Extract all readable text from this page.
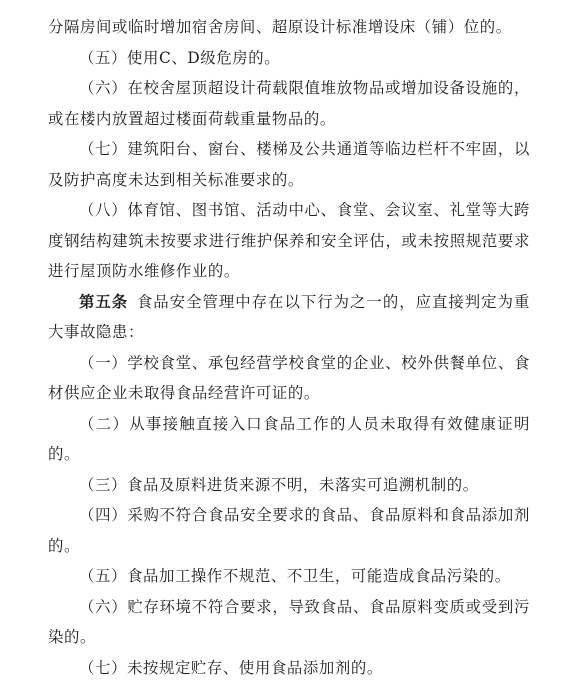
分隔房间或临时增加宿舍房间、超原设计标准增设床（铺）位的。

（五）使用C、D级危房的。

（六）在校舍屋顶超设计荷载限值堆放物品或增加设备设施的，或在楼内放置超过楼面荷载重量物品的。

（七）建筑阳台、窗台、楼梯及公共通道等临边栏杆不牢固，以及防护高度未达到相关标准要求的。

（八）体育馆、图书馆、活动中心、食堂、会议室、礼堂等大跨度钢结构建筑未按要求进行维护保养和安全评估，或未按照规范要求进行屋顶防水维修作业的。

第五条  食品安全管理中存在以下行为之一的，应直接判定为重大事故隐患：

（一）学校食堂、承包经营学校食堂的企业、校外供餐单位、食材供应企业未取得食品经营许可证的。

（二）从事接触直接入口食品工作的人员未取得有效健康证明的。

（三）食品及原料进货来源不明，未落实可追溯机制的。

（四）采购不符合食品安全要求的食品、食品原料和食品添加剂的。

（五）食品加工操作不规范、不卫生，可能造成食品污染的。

（六）贮存环境不符合要求，导致食品、食品原料变质或受到污染的。

（七）未按规定贮存、使用食品添加剂的。
